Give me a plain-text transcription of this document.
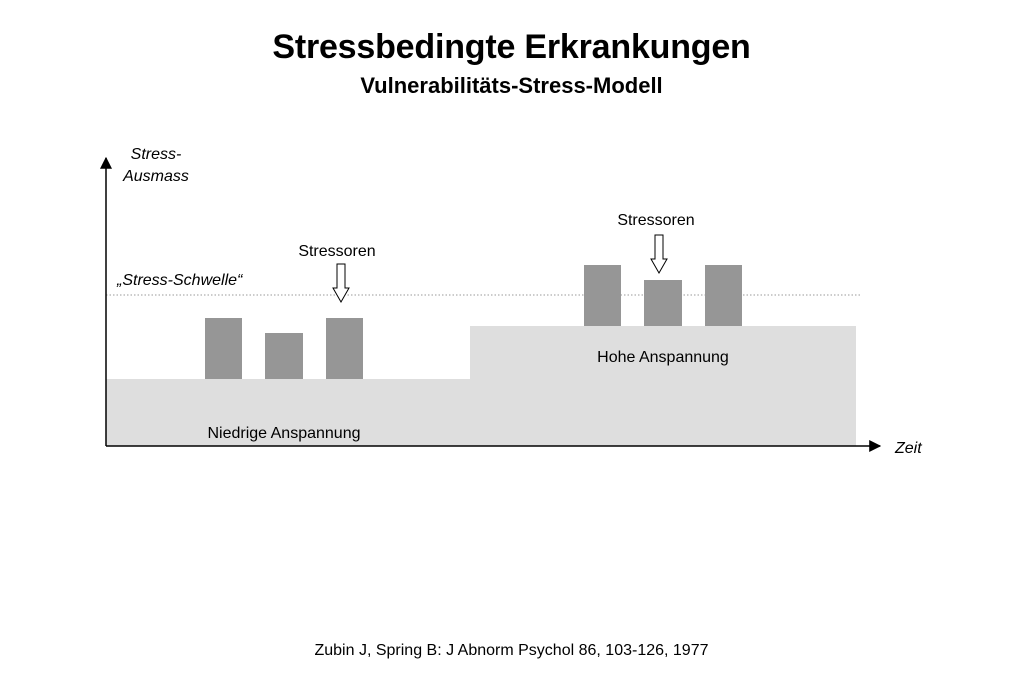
Stressbedingte Erkrankungen
Vulnerabilitäts-Stress-Modell
Stress-
Ausmass
Zeit
„Stress-Schwelle“
Stressoren
Stressoren
Niedrige Anspannung
Hohe Anspannung
Zubin J, Spring B: J Abnorm Psychol 86, 103-126, 1977
